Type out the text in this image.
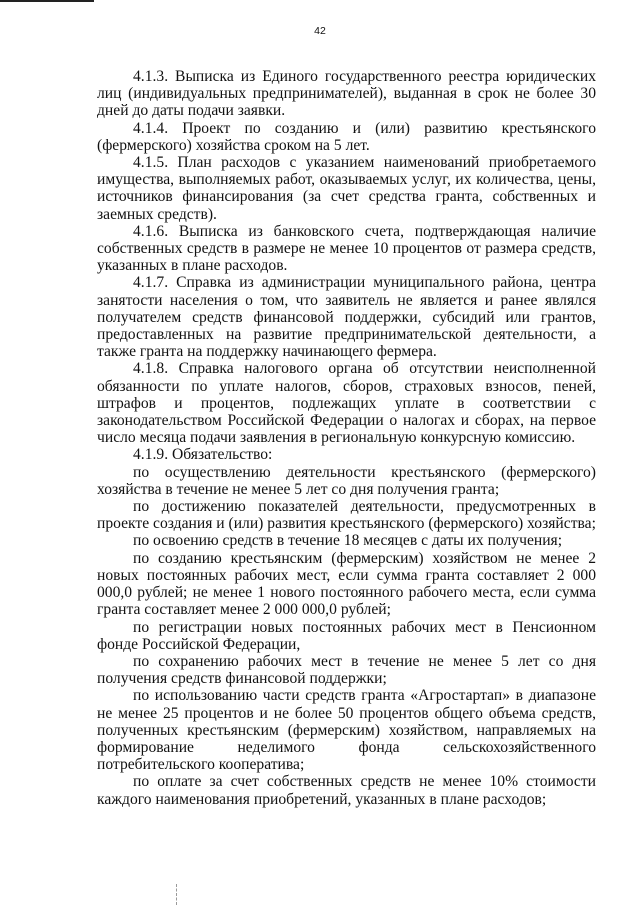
42

4.1.3. Выписка из Единого государственного реестра юридических лиц (индивидуальных предпринимателей), выданная в срок не более 30 дней до даты подачи заявки.

4.1.4. Проект по созданию и (или) развитию крестьянского (фермерского) хозяйства сроком на 5 лет.

4.1.5. План расходов с указанием наименований приобретаемого имущества, выполняемых работ, оказываемых услуг, их количества, цены, источников финансирования (за счет средства гранта, собственных и заемных средств).

4.1.6. Выписка из банковского счета, подтверждающая наличие собственных средств в размере не менее 10 процентов от размера средств, указанных в плане расходов.

4.1.7. Справка из администрации муниципального района, центра занятости населения о том, что заявитель не является и ранее являлся получателем средств финансовой поддержки, субсидий или грантов, предоставленных на развитие предпринимательской деятельности, а также гранта на поддержку начинающего фермера.

4.1.8. Справка налогового органа об отсутствии неисполненной обязанности по уплате налогов, сборов, страховых взносов, пеней, штрафов и процентов, подлежащих уплате в соответствии с законодательством Российской Федерации о налогах и сборах, на первое число месяца подачи заявления в региональную конкурсную комиссию.

4.1.9. Обязательство:

по осуществлению деятельности крестьянского (фермерского) хозяйства в течение не менее 5 лет со дня получения гранта;

по достижению показателей деятельности, предусмотренных в проекте создания и (или) развития крестьянского (фермерского) хозяйства;

по освоению средств в течение 18 месяцев с даты их получения;

по созданию крестьянским (фермерским) хозяйством не менее 2 новых постоянных рабочих мест, если сумма гранта составляет 2 000 000,0 рублей; не менее 1 нового постоянного рабочего места, если сумма гранта составляет менее 2 000 000,0 рублей;

по регистрации новых постоянных рабочих мест в Пенсионном фонде Российской Федерации,

по сохранению рабочих мест в течение не менее 5 лет со дня получения средств финансовой поддержки;

по использованию части средств гранта «Агростартап» в диапазоне не менее 25 процентов и не более 50 процентов общего объема средств, полученных крестьянским (фермерским) хозяйством, направляемых на формирование неделимого фонда сельскохозяйственного потребительского кооператива;

по оплате за счет собственных средств не менее 10% стоимости каждого наименования приобретений, указанных в плане расходов;
